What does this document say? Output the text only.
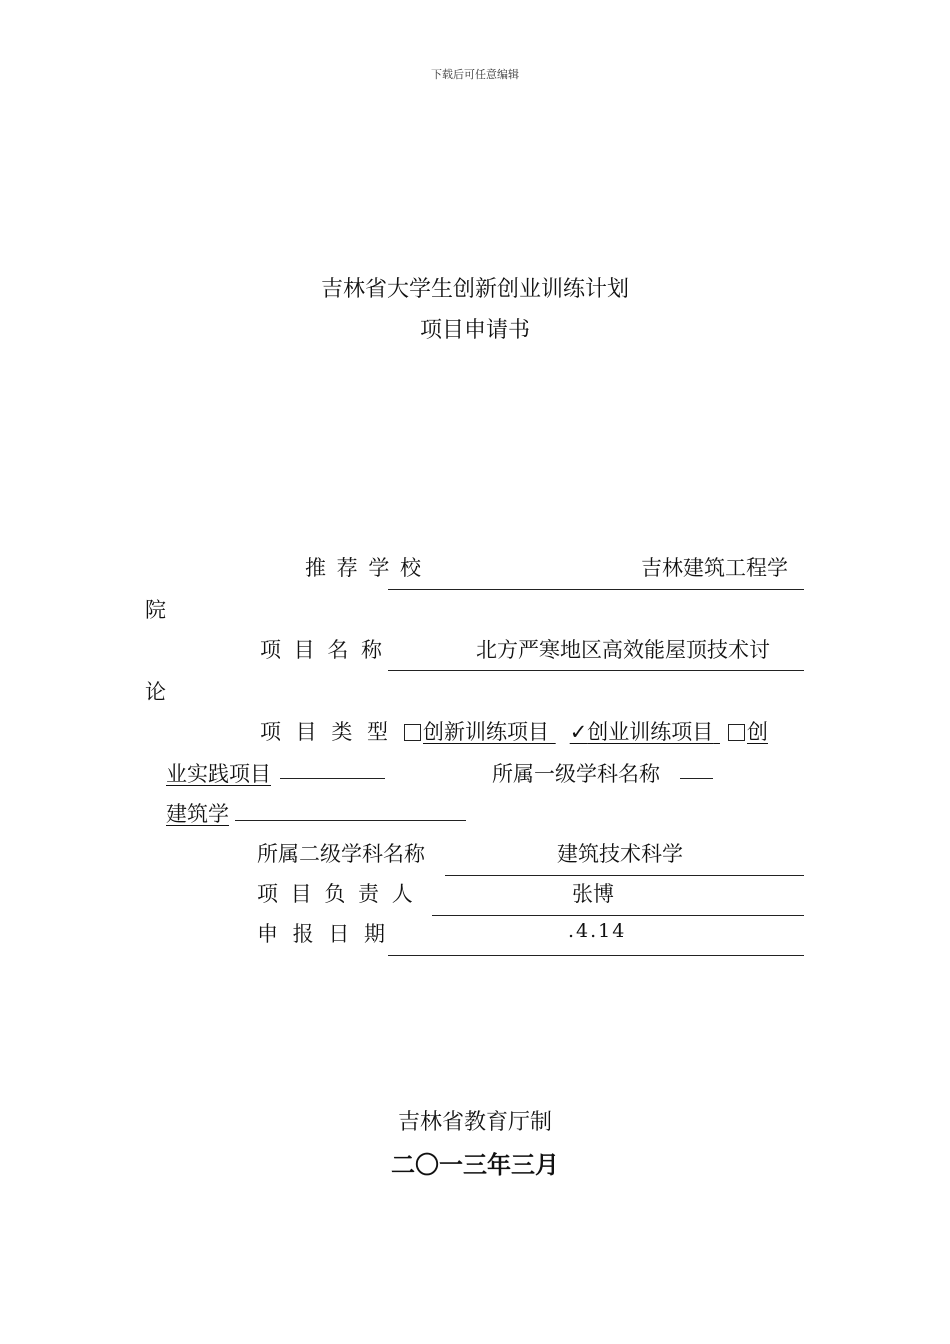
下载后可任意编辑
吉林省大学生创新创业训练计划
项目申请书
推 荐 学 校	吉林建筑工程学
院
项 目 名 称	北方严寒地区高效能屋顶技术讨
论
项 目 类 型	创新训练项目 ✓创业训练项目 创
业实践项目	所属一级学科名称
建筑学
所属二级学科名称	建筑技术科学
项 目 负 责 人	张博
申 报 日 期	.4.14
吉林省教育厅制
二〇一三年三月
